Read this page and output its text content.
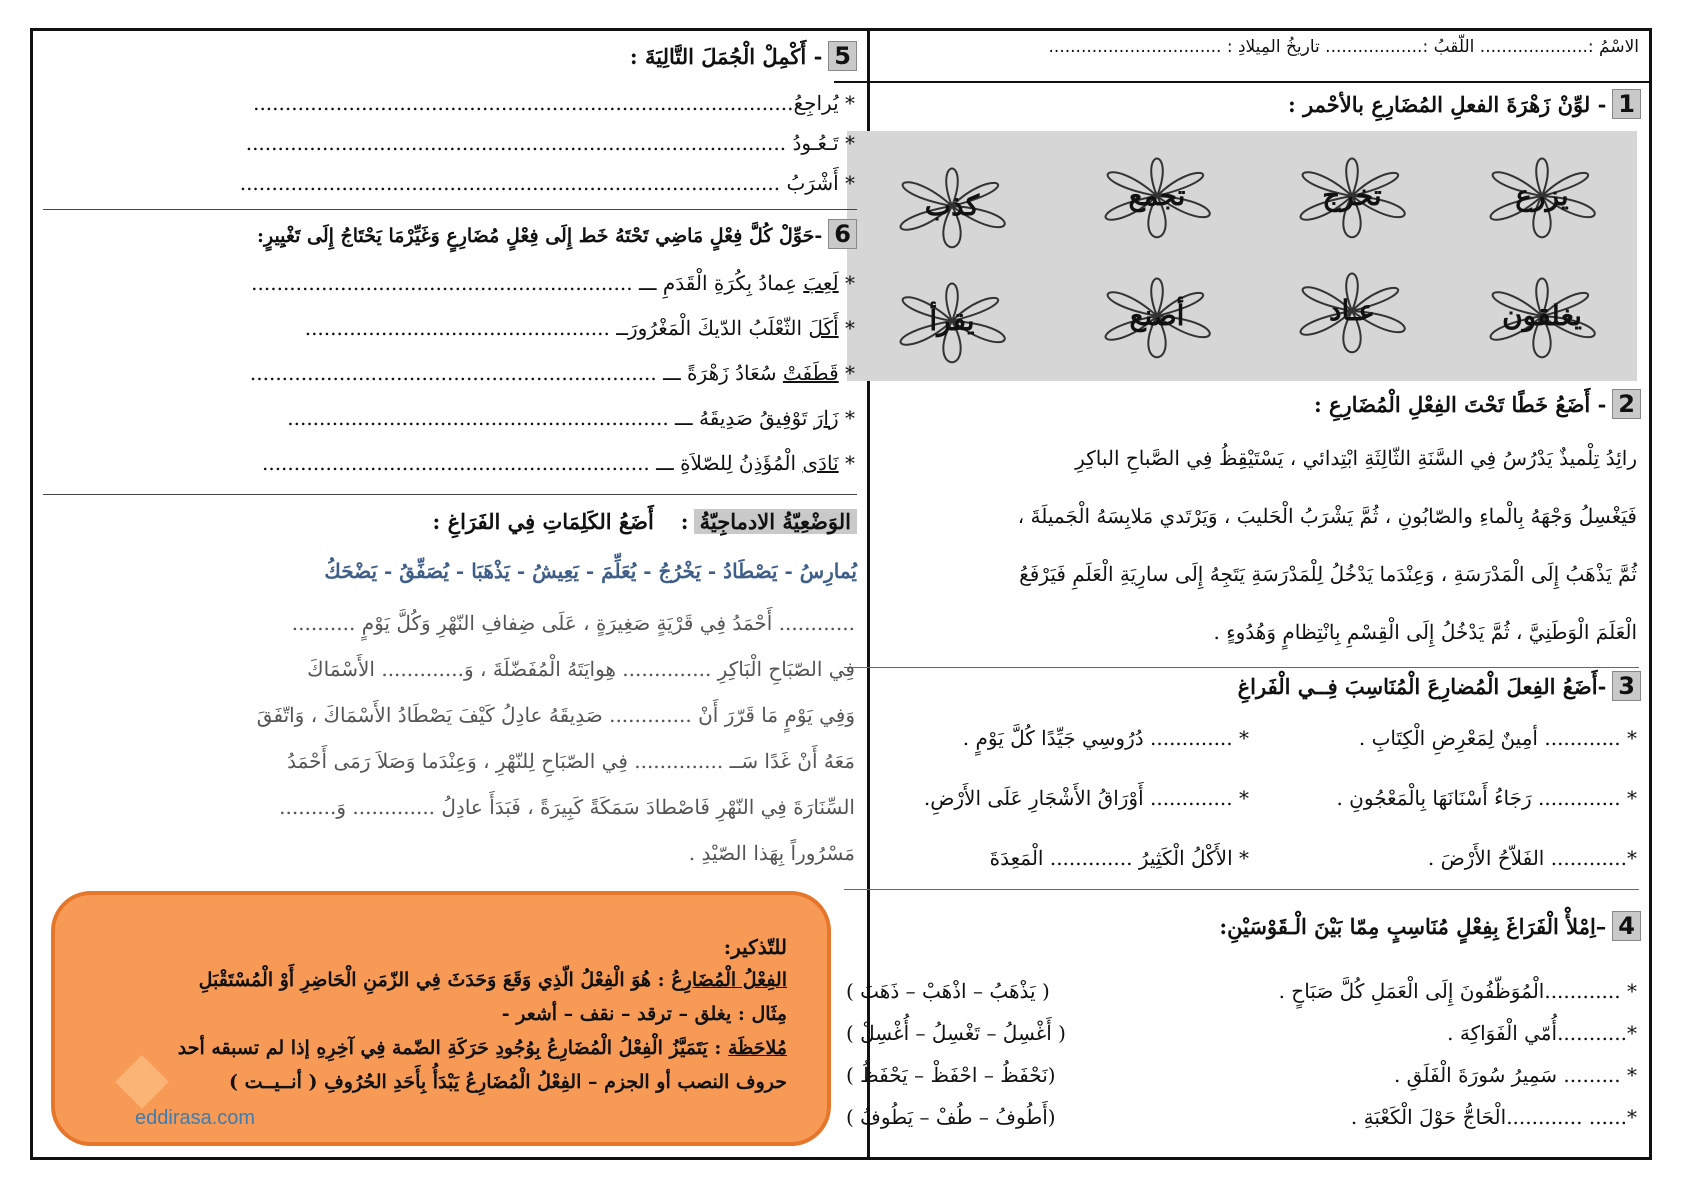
الاسْمُ :.................... اللّقبُ :.................. تاريخُ المِيلادِ : ................................
1- لوِّنْ زَهْرَةَ الفعلِ المُضَارِعِ بالأحْمر :
يزرع
تخرج
تجمع
كذب
يغلقون
عـاد
أصنع
يقرأ
2- أَضَعُ خَطًا تَحْتَ الفِعْلِ الْمُضَارِعِ :
رائِدُ تِلْميذٌ يَدْرُسُ فِي السَّنَةِ الثّالِثَةِ ابْتِدائي ، يَسْتَيْقِظُ فِي الصَّباحِ الباكِرِ
فَيَغْسِلُ وَجْهَهُ بِالْماءِ والصّابُونِ ، ثُمَّ يَشْرَبُ الْحَليبَ ، وَيَرْتَدي مَلابِسَهُ الْجَميلَةَ ،
ثُمَّ يَذْهَبُ إِلَى الْمَدْرَسَةِ ، وَعِنْدَما يَدْخُلُ لِلْمَدْرَسَةِ يَتَجِهُ إِلَى سارِيَةِ الْعَلَمِ فَيَرْفَعُ
الْعَلَمَ الْوَطَنِيَّ ، ثُمَّ يَدْخُلُ إِلَى الْقِسْمِ بِانْتِظامٍ وَهُدُوءٍ .
3-أَضَعُ الفِعلَ الْمُضارِعَ الْمُنَاسِبَ فِــي الْفَراغِ
* ............ أمِينٌ لِمَعْرِضِ الْكِتَابِ .
* ............. دُرُوسِي جَيِّدًا كُلَّ يَوْمٍ .
* ............. رَجَاءُ أَسْنَانَهَا بِالْمَعْجُونِ .
* ............. أَوْرَاقُ الأَشْجَارِ عَلَى الأَرْضِ.
*............ الفَلاّحُ الأَرْضَ .
* الأَكْلُ الْكَثِيرُ ............. الْمَعِدَةَ
4–اِمْلأْ الْفَرَاغَ بِفِعْلٍ مُنَاسِبٍ مِمّا بَيْنَ الْـقَوْسَيْنِ:
* ............الْمُوَظّفُونَ إِلَى الْعَمَلِ كُلَّ صَبَاحٍ .
( يَذْهَبُ – اذْهَبْ – ذَهَبَ )
*...........أُمّي الْفَوَاكِهَ .
( أَغْسِلُ – تَغْسِلُ – أُغْسِلْ )
* ......... سَمِيرُ سُورَةَ الْفَلَقِ .
(نَحْفَظُ – احْفَظْ – يَحْفَظُ )
*...... ............الْحَاجُّ حَوْلَ الْكَعْبَةِ .
(أَطُوفُ – طُفْ – يَطُوفُ )
5- أَكْمِلْ الْجُمَلَ التَّالِيَةَ :
* يُراجِعُ.....................................................................................
* تَـعُـودُ .....................................................................................
* أَشْرَبُ .....................................................................................
6-حَوِّلْ كُلَّ فِعْلٍ مَاضِي تَحْتَهُ خَط إِلَى فِعْلٍ مُضَارِعٍ وَغَيِّرْمَا يَحْتَاجُ إِلَى تَغْيِيرٍ:
* لَعِبَ عِمادُ بِكُرَةِ الْقَدَمِ ـــ ............................................................
* أَكَلَ الثّعْلَبُ الدّيكَ الْمَغْرُورَــ ................................................
* قَطَفَتْ سُعَادُ زَهْرَةً ـــ ................................................................
* زَارَ تَوْفِيقُ صَدِيقَهُ ـــ ............................................................
* نَادَى الْمُؤَذِنُ لِلصّلاَةِ ـــ .............................................................
الوَضْعِيّةُ الادماجِيّةُ :    أَضَعُ الكَلِمَاتِ فِي الفَرَاغِ :
يُمارِسُ - يَصْطَادُ - يَخْرُجُ - يُعَلِّمَ - يَعِيشُ - يَذْهَبَا - يُصَفِّقُ - يَضْحَكُ
............ أَحْمَدُ فِي قَرْيَةٍ صَغِيرَةٍ ، عَلَى ضِفافِ النّهْرِ وَكُلَّ يَوْمٍ ..........
فِي الصّبَاحِ الْبَاكِرِ .............. هِوايَتَهُ الْمُفَضّلَةَ ، وَ............. الأَسْمَاكَ
وَفِي يَوْمٍ مَا قَرّرَ أَنْ ............. صَدِيقَهُ عادِلُ كَيْفَ يَصْطَادُ الأَسْمَاكَ ، وَاتّفَقَ
مَعَهُ أَنْ غَدًا سَــ .............. فِي الصّبَاحِ لِلنّهْرِ ، وَعِنْدَما وَصَلاَ رَمَى أَحْمَدُ
السِّنَارَةَ فِي النّهْرِ فَاصْطادَ سَمَكَةً كَبِيرَةً ، فَبَدَأَ عادِلُ ............. وَ.........
مَسْرُوراً بِهَذا الصّيْدِ .
◆
للتّذكير:
الفِعْلُ الْمُضَارِعُ : هُوَ الْفِعْلُ الّذِي وَقَعَ وَحَدَثَ فِي الزّمَنِ الْحَاضِرِ أَوْ الْمُسْتَقْبَلِ
مِثَال : يغلق – ترقد – نقف – أشعر -
مُلاحَظَة : يَتَمَيَّزُ الْفِعْلُ الْمُضَارِعُ بِوُجُودِ حَرَكَةِ الضّمة فِي آخِرِهِ إذا لم تسبقه أحد
حروف النصب أو الجزم – الفِعْلُ الْمُضَارِعُ يَبْدَأُ بِأَحَدِ الحُرُوفِ ( أنــيــت )
eddirasa.com
